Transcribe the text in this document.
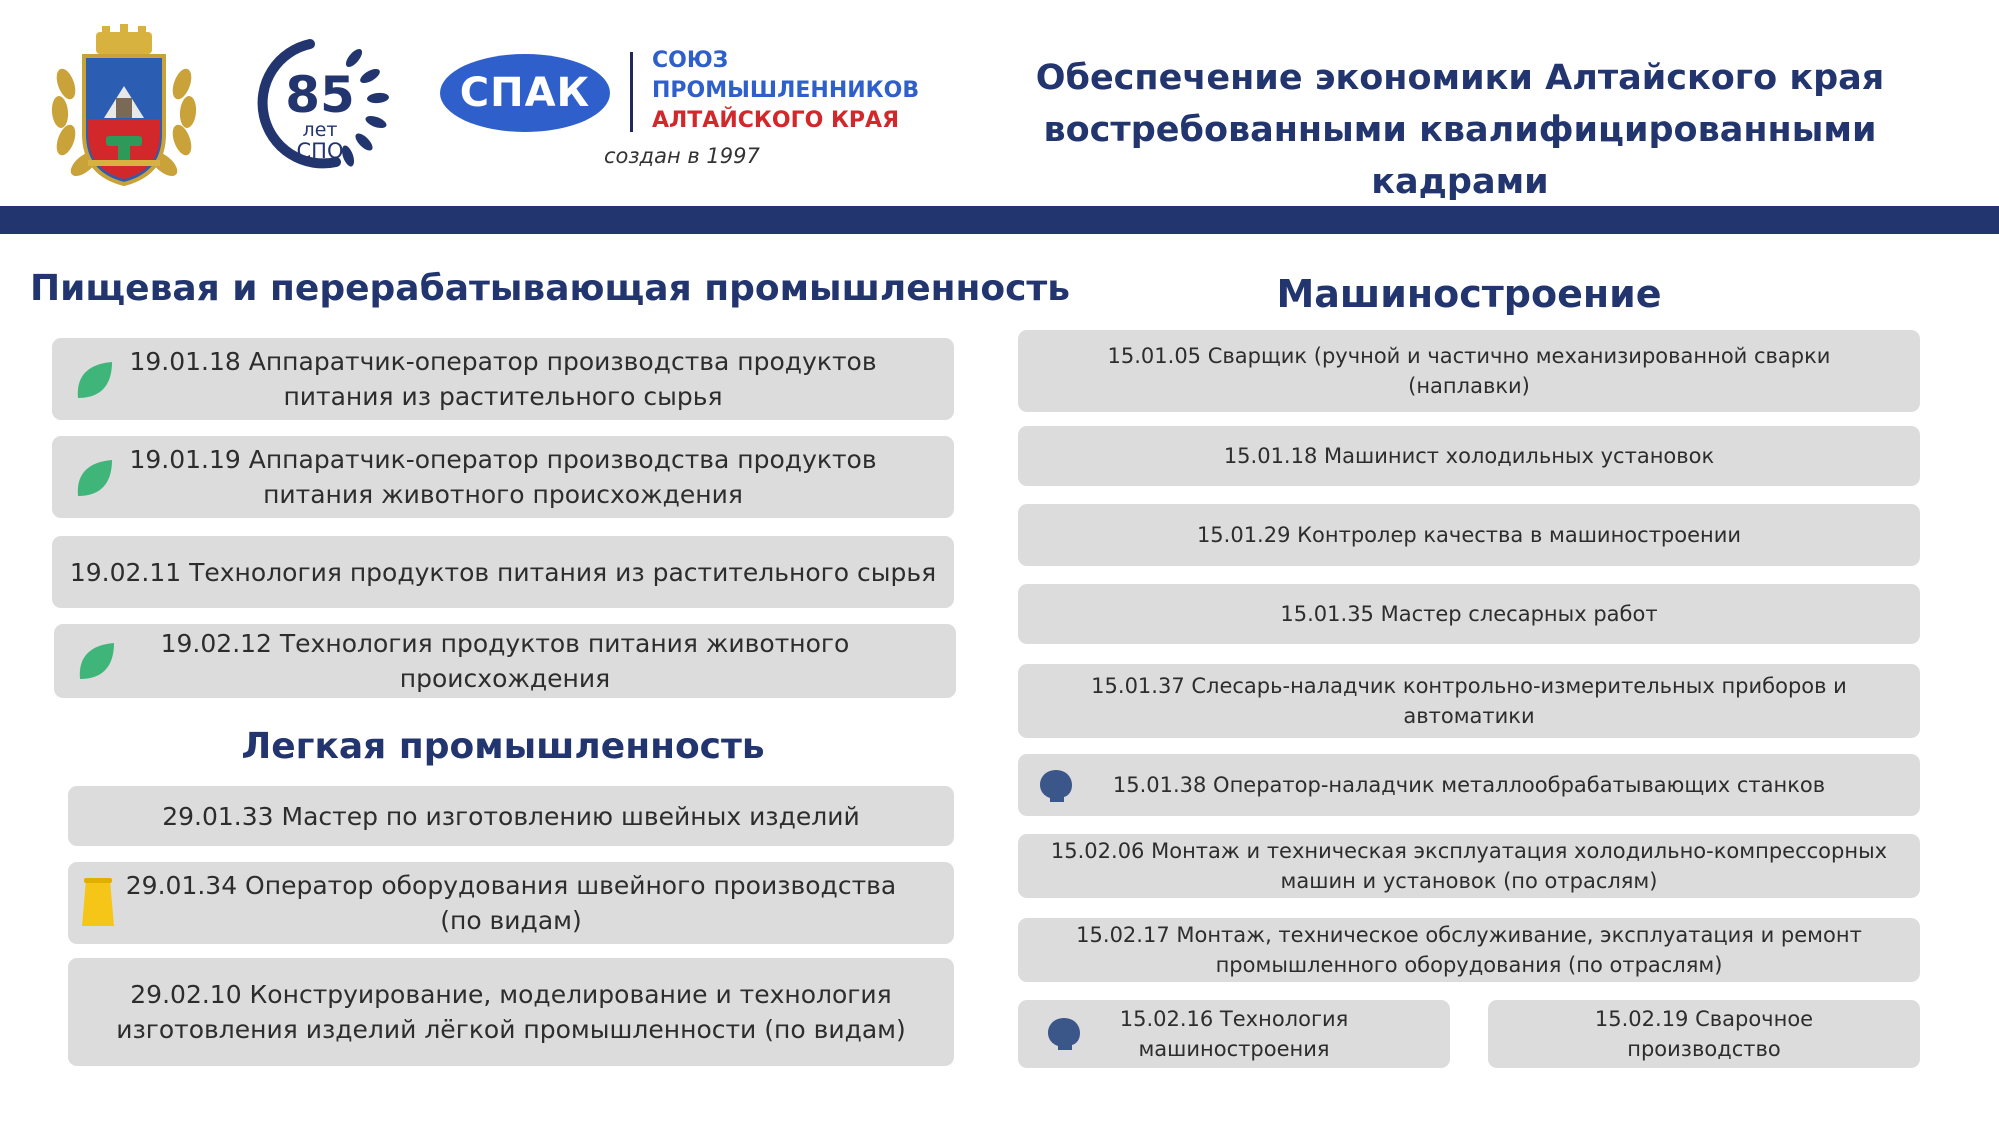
85
лет
СПО
СПАК
СОЮЗ
ПРОМЫШЛЕННИКОВ
АЛТАЙСКОГО КРАЯ
создан в 1997
Обеспечение экономики Алтайского края
востребованными квалифицированными кадрами
Пищевая и перерабатывающая промышленность
19.01.18 Аппаратчик-оператор производства продуктов
питания из растительного сырья
19.01.19 Аппаратчик-оператор производства продуктов
питания животного происхождения
19.02.11 Технология продуктов питания из растительного сырья
19.02.12 Технология продуктов питания животного
происхождения
Легкая промышленность
29.01.33 Мастер по изготовлению швейных изделий
29.01.34 Оператор оборудования швейного производства
(по видам)
29.02.10 Конструирование, моделирование и технология
изготовления изделий лёгкой промышленности (по видам)
Машиностроение
15.01.05 Сварщик (ручной и частично механизированной сварки
(наплавки)
15.01.18 Машинист холодильных установок
15.01.29 Контролер качества в машиностроении
15.01.35 Мастер слесарных работ
15.01.37 Слесарь-наладчик контрольно-измерительных приборов и
автоматики
15.01.38 Оператор-наладчик металлообрабатывающих станков
15.02.06 Монтаж и техническая эксплуатация холодильно-компрессорных
машин и установок (по отраслям)
15.02.17 Монтаж, техническое обслуживание, эксплуатация и ремонт
промышленного оборудования (по отраслям)
15.02.16 Технология
машиностроения
15.02.19 Сварочное
производство
